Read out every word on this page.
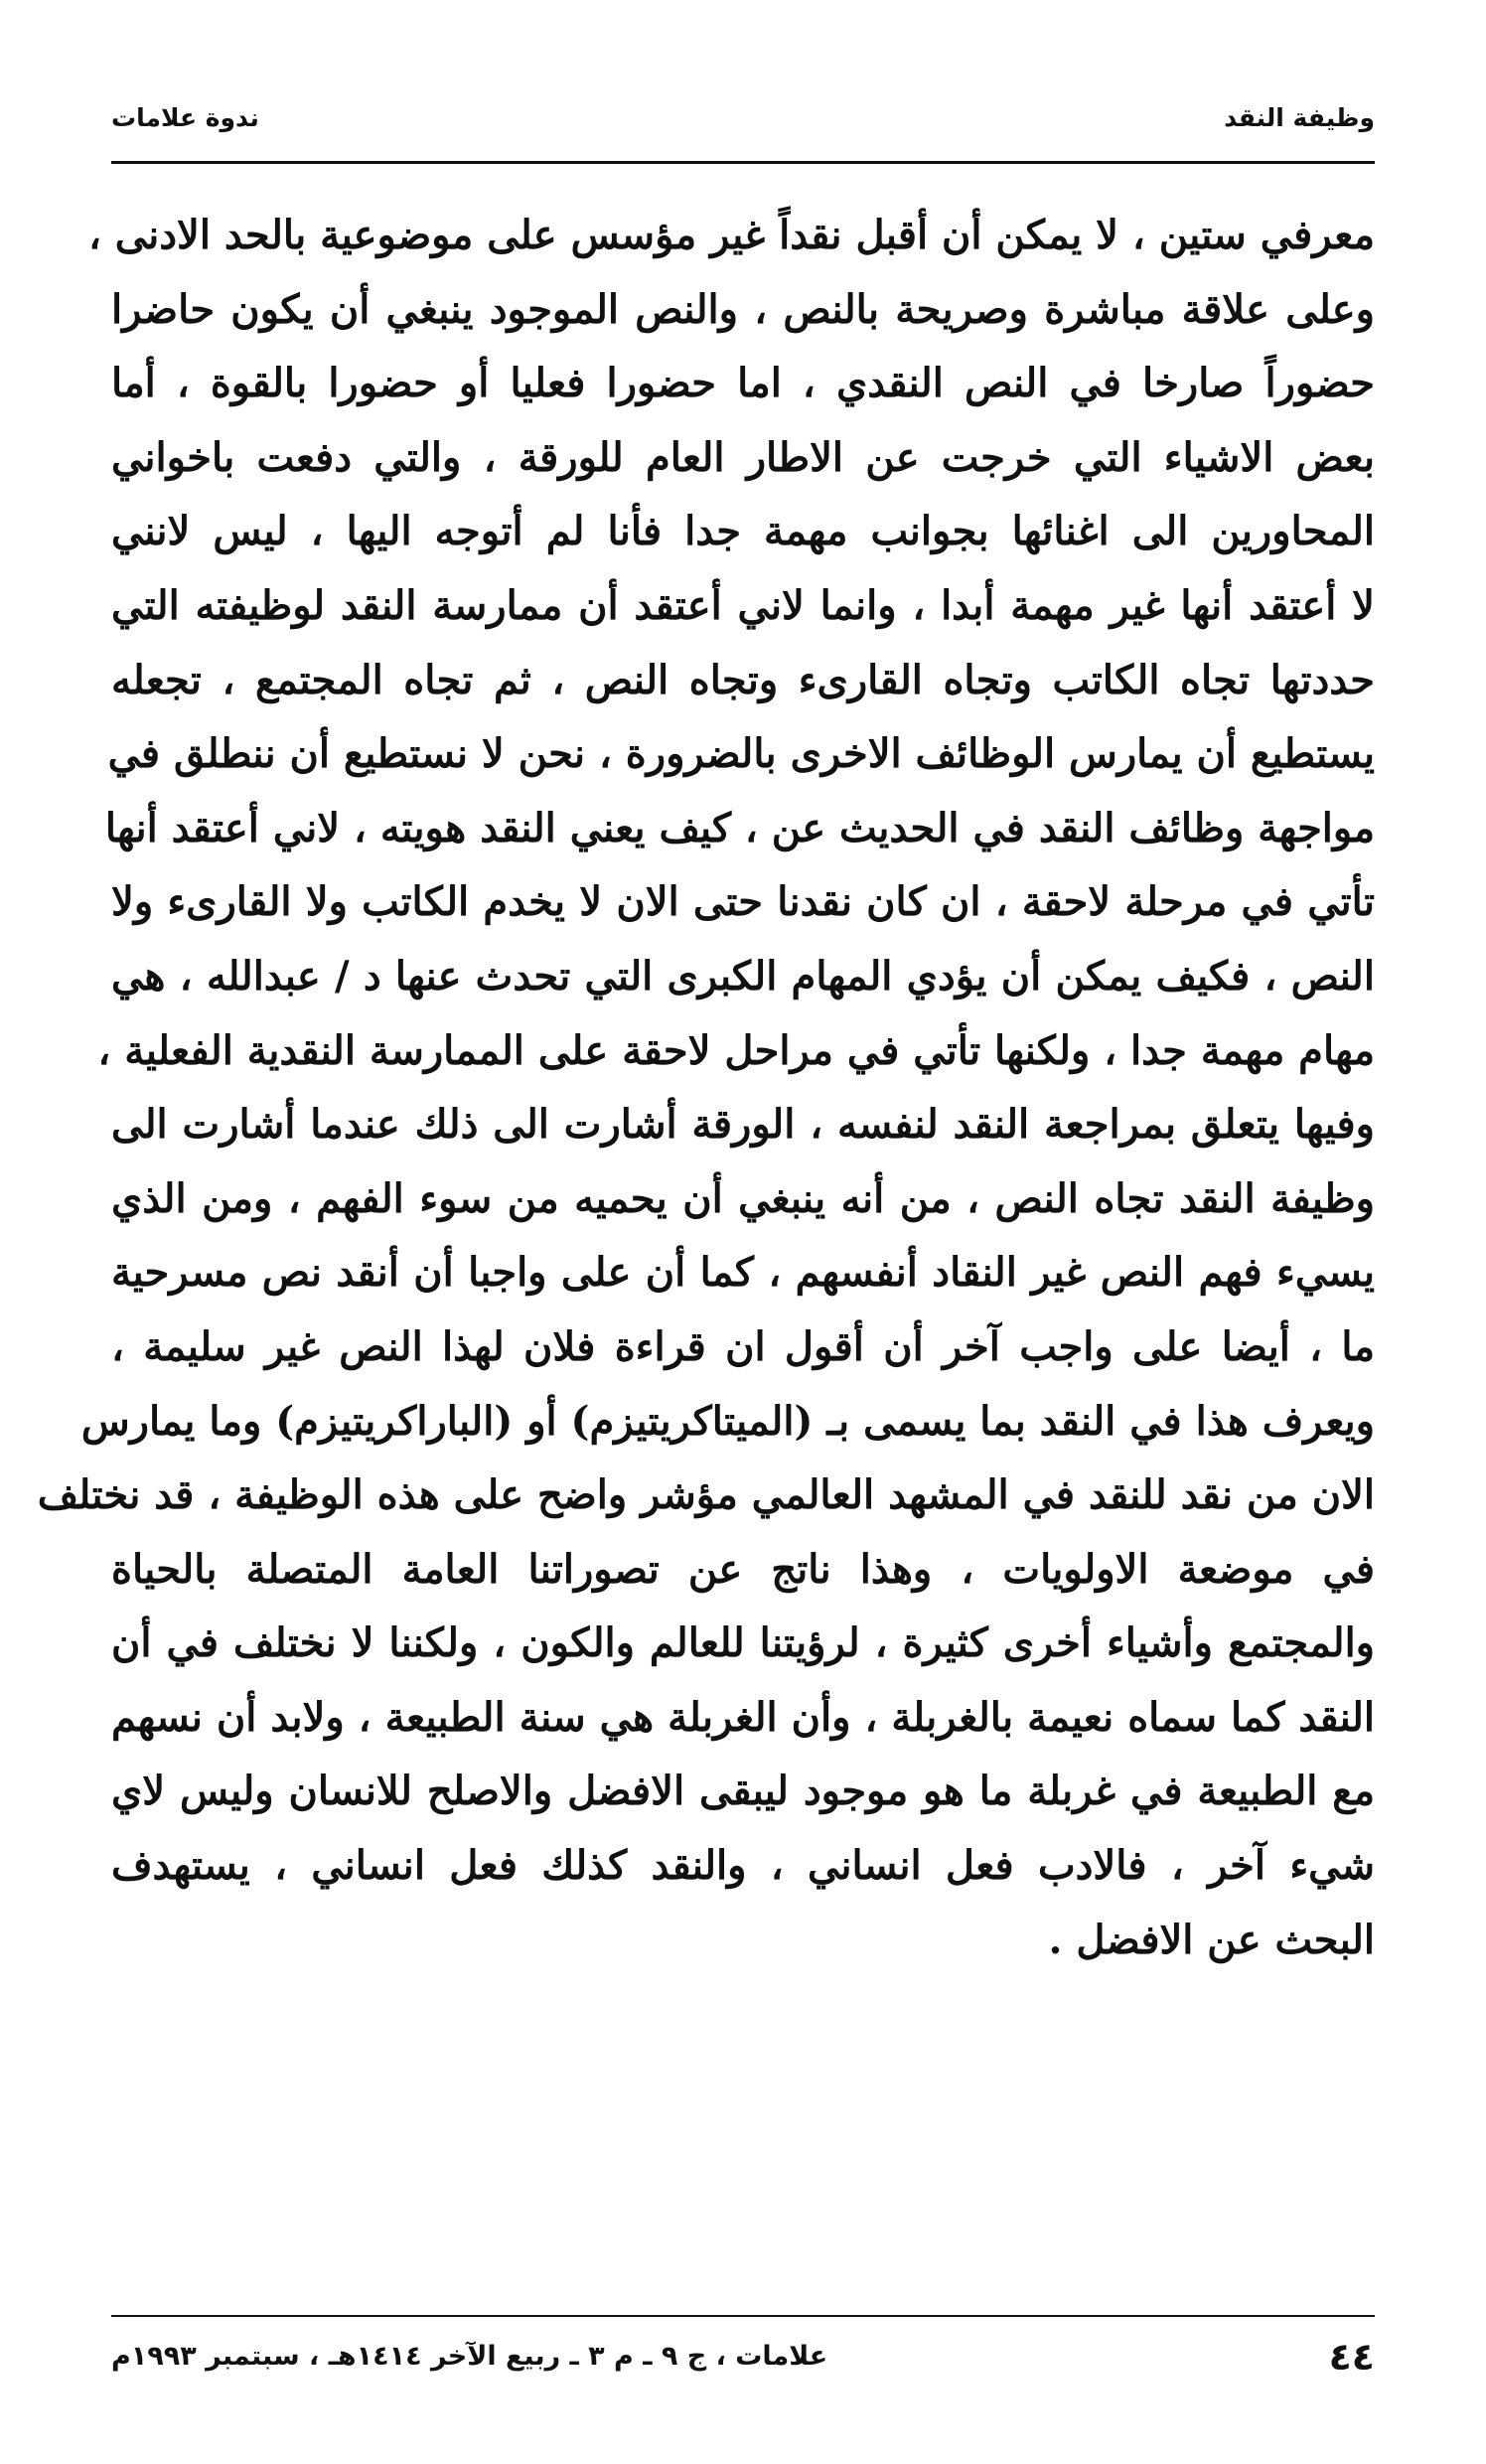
وظيفة النقد
ندوة علامات
معرفي ستين ، لا يمكن أن أقبل نقداً غير مؤسس على موضوعية بالحد الادنى ،
وعلى علاقة مباشرة وصريحة بالنص ، والنص الموجود ينبغي أن يكون حاضرا
حضوراً صارخا في النص النقدي ، اما حضورا فعليا أو حضورا بالقوة ، أما
بعض الاشياء التي خرجت عن الاطار العام للورقة ، والتي دفعت باخواني
المحاورين الى اغنائها بجوانب مهمة جدا فأنا لم أتوجه اليها ، ليس لانني
لا أعتقد أنها غير مهمة أبدا ، وانما لاني أعتقد أن ممارسة النقد لوظيفته التي
حددتها تجاه الكاتب وتجاه القارىء وتجاه النص ، ثم تجاه المجتمع ، تجعله
يستطيع أن يمارس الوظائف الاخرى بالضرورة ، نحن لا نستطيع أن ننطلق في
مواجهة وظائف النقد في الحديث عن ، كيف يعني النقد هويته ، لاني أعتقد أنها
تأتي في مرحلة لاحقة ، ان كان نقدنا حتى الان لا يخدم الكاتب ولا القارىء ولا
النص ، فكيف يمكن أن يؤدي المهام الكبرى التي تحدث عنها د / عبدالله ، هي
مهام مهمة جدا ، ولكنها تأتي في مراحل لاحقة على الممارسة النقدية الفعلية ،
وفيها يتعلق بمراجعة النقد لنفسه ، الورقة أشارت الى ذلك عندما أشارت الى
وظيفة النقد تجاه النص ، من أنه ينبغي أن يحميه من سوء الفهم ، ومن الذي
يسيء فهم النص غير النقاد أنفسهم ، كما أن على واجبا أن أنقد نص مسرحية
ما ، أيضا على واجب آخر أن أقول ان قراءة فلان لهذا النص غير سليمة ،
ويعرف هذا في النقد بما يسمى بـ (الميتاكريتيزم) أو (الباراكريتيزم) وما يمارس
الان من نقد للنقد في المشهد العالمي مؤشر واضح على هذه الوظيفة ، قد نختلف
في موضعة الاولويات ، وهذا ناتج عن تصوراتنا العامة المتصلة بالحياة
والمجتمع وأشياء أخرى كثيرة ، لرؤيتنا للعالم والكون ، ولكننا لا نختلف في أن
النقد كما سماه نعيمة بالغربلة ، وأن الغربلة هي سنة الطبيعة ، ولابد أن نسهم
مع الطبيعة في غربلة ما هو موجود ليبقى الافضل والاصلح للانسان وليس لاي
شيء آخر ، فالادب فعل انساني ، والنقد كذلك فعل انساني ، يستهدف
البحث عن الافضل .
٤٤
علامات ، ج ٩ ـ م ٣ ـ ربيع الآخر ١٤١٤هـ ، سبتمبر ١٩٩٣م
